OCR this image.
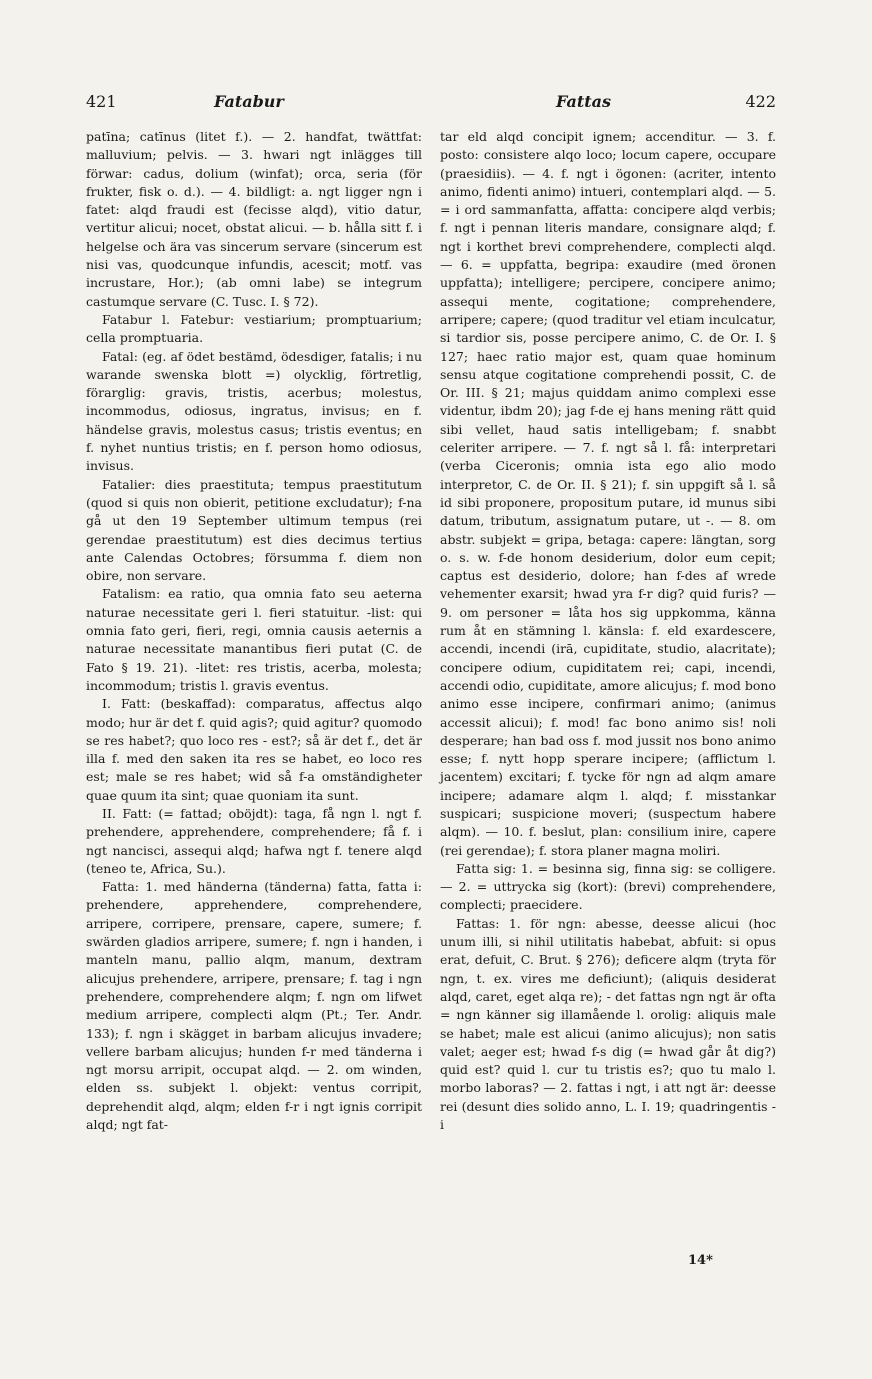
421	Fatabur	Fattas	422

patīna; catīnus (litet f.). — 2. handfat, twättfat: malluvium; pelvis. — 3. hwari ngt inlägges till förwar: cadus, dolium (winfat); orca, seria (för frukter, fisk o. d.). — 4. bildligt: a. ngt ligger ngn i fatet: alqd fraudi est (fecisse alqd), vitio datur, vertitur alicui; nocet, obstat alicui. — b. hålla sitt f. i helgelse och ära vas sincerum servare (sincerum est nisi vas, quodcunque infundis, acescit; motf. vas incrustare, Hor.); (ab omni labe) se integrum castumque servare (C. Tusc. I. § 72).

Fatabur l. Fatebur: vestiarium; promptuarium; cella promptuaria.

Fatal: (eg. af ödet bestämd, ödesdiger, fatalis; i nu warande swenska blott =) olycklig, förtretlig, förarglig: gravis, tristis, acerbus; molestus, incommodus, odiosus, ingratus, invisus; en f. händelse gravis, molestus casus; tristis eventus; en f. nyhet nuntius tristis; en f. person homo odiosus, invisus.

Fatalier: dies praestituta; tempus praestitutum (quod si quis non obierit, petitione excludatur); f-na gå ut den 19 September ultimum tempus (rei gerendae praestitutum) est dies decimus tertius ante Calendas Octobres; försumma f. diem non obire, non servare.

Fatalism: ea ratio, qua omnia fato seu aeterna naturae necessitate geri l. fieri statuitur. -list: qui omnia fato geri, fieri, regi, omnia causis aeternis a naturae necessitate manantibus fieri putat (C. de Fato § 19. 21). -litet: res tristis, acerba, molesta; incommodum; tristis l. gravis eventus.

I. Fatt: (beskaffad): comparatus, affectus alqo modo; hur är det f. quid agis?; quid agitur? quomodo se res habet?; quo loco res - est?; så är det f., det är illa f. med den saken ita res se habet, eo loco res est; male se res habet; wid så f-a omständigheter quae quum ita sint; quae quoniam ita sunt.

II. Fatt: (= fattad; oböjdt): taga, få ngn l. ngt f. prehendere, apprehendere, comprehendere; få f. i ngt nancisci, assequi alqd; hafwa ngt f. tenere alqd (teneo te, Africa, Su.).

Fatta: 1. med händerna (tänderna) fatta, fatta i: prehendere, apprehendere, comprehendere, arripere, corripere, prensare, capere, sumere; f. swärden gladios arripere, sumere; f. ngn i handen, i manteln manu, pallio alqm, manum, dextram alicujus prehendere, arripere, prensare; f. tag i ngn prehendere, comprehendere alqm; f. ngn om lifwet medium arripere, complecti alqm (Pt.; Ter. Andr. 133); f. ngn i skägget in barbam alicujus invadere; vellere barbam alicujus; hunden f-r med tänderna i ngt morsu arripit, occupat alqd. — 2. om winden, elden ss. subjekt l. objekt: ventus corripit, deprehendit alqd, alqm; elden f-r i ngt ignis corripit alqd; ngt fat-

tar eld alqd concipit ignem; accenditur. — 3. f. posto: consistere alqo loco; locum capere, occupare (praesidiis). — 4. f. ngt i ögonen: (acriter, intento animo, fidenti animo) intueri, contemplari alqd. — 5. = i ord sammanfatta, affatta: concipere alqd verbis; f. ngt i pennan literis mandare, consignare alqd; f. ngt i korthet brevi comprehendere, complecti alqd. — 6. = uppfatta, begripa: exaudire (med öronen uppfatta); intelligere; percipere, concipere animo; assequi mente, cogitatione; comprehendere, arripere; capere; (quod traditur vel etiam inculcatur, si tardior sis, posse percipere animo, C. de Or. I. § 127; haec ratio major est, quam quae hominum sensu atque cogitatione comprehendi possit, C. de Or. III. § 21; majus quiddam animo complexi esse videntur, ibdm 20); jag f-de ej hans mening rätt quid sibi vellet, haud satis intelligebam; f. snabbt celeriter arripere. — 7. f. ngt så l. få: interpretari (verba Ciceronis; omnia ista ego alio modo interpretor, C. de Or. II. § 21); f. sin uppgift så l. så id sibi proponere, propositum putare, id munus sibi datum, tributum, assignatum putare, ut -. — 8. om abstr. subjekt = gripa, betaga: capere: längtan, sorg o. s. w. f-de honom desiderium, dolor eum cepit; captus est desiderio, dolore; han f-des af wrede vehementer exarsit; hwad yra f-r dig? quid furis? — 9. om personer = låta hos sig uppkomma, känna rum åt en stämning l. känsla: f. eld exardescere, accendi, incendi (irā, cupiditate, studio, alacritate); concipere odium, cupiditatem rei; capi, incendi, accendi odio, cupiditate, amore alicujus; f. mod bono animo esse incipere, confirmari animo; (animus accessit alicui); f. mod! fac bono animo sis! noli desperare; han bad oss f. mod jussit nos bono animo esse; f. nytt hopp sperare incipere; (afflictum l. jacentem) excitari; f. tycke för ngn ad alqm amare incipere; adamare alqm l. alqd; f. misstankar suspicari; suspicione moveri; (suspectum habere alqm). — 10. f. beslut, plan: consilium inire, capere (rei gerendae); f. stora planer magna moliri.

Fatta sig: 1. = besinna sig, finna sig: se colligere. — 2. = uttrycka sig (kort): (brevi) comprehendere, complecti; praecidere.

Fattas: 1. för ngn: abesse, deesse alicui (hoc unum illi, si nihil utilitatis habebat, abfuit: si opus erat, defuit, C. Brut. § 276); deficere alqm (tryta för ngn, t. ex. vires me deficiunt); (aliquis desiderat alqd, caret, eget alqa re); - det fattas ngn ngt är ofta = ngn känner sig illamående l. orolig: aliquis male se habet; male est alicui (animo alicujus); non satis valet; aeger est; hwad f-s dig (= hwad går åt dig?) quid est? quid l. cur tu tristis es?; quo tu malo l. morbo laboras? — 2. fattas i ngt, i att ngt är: deesse rei (desunt dies solido anno, L. I. 19; quadringentis - i

14*
